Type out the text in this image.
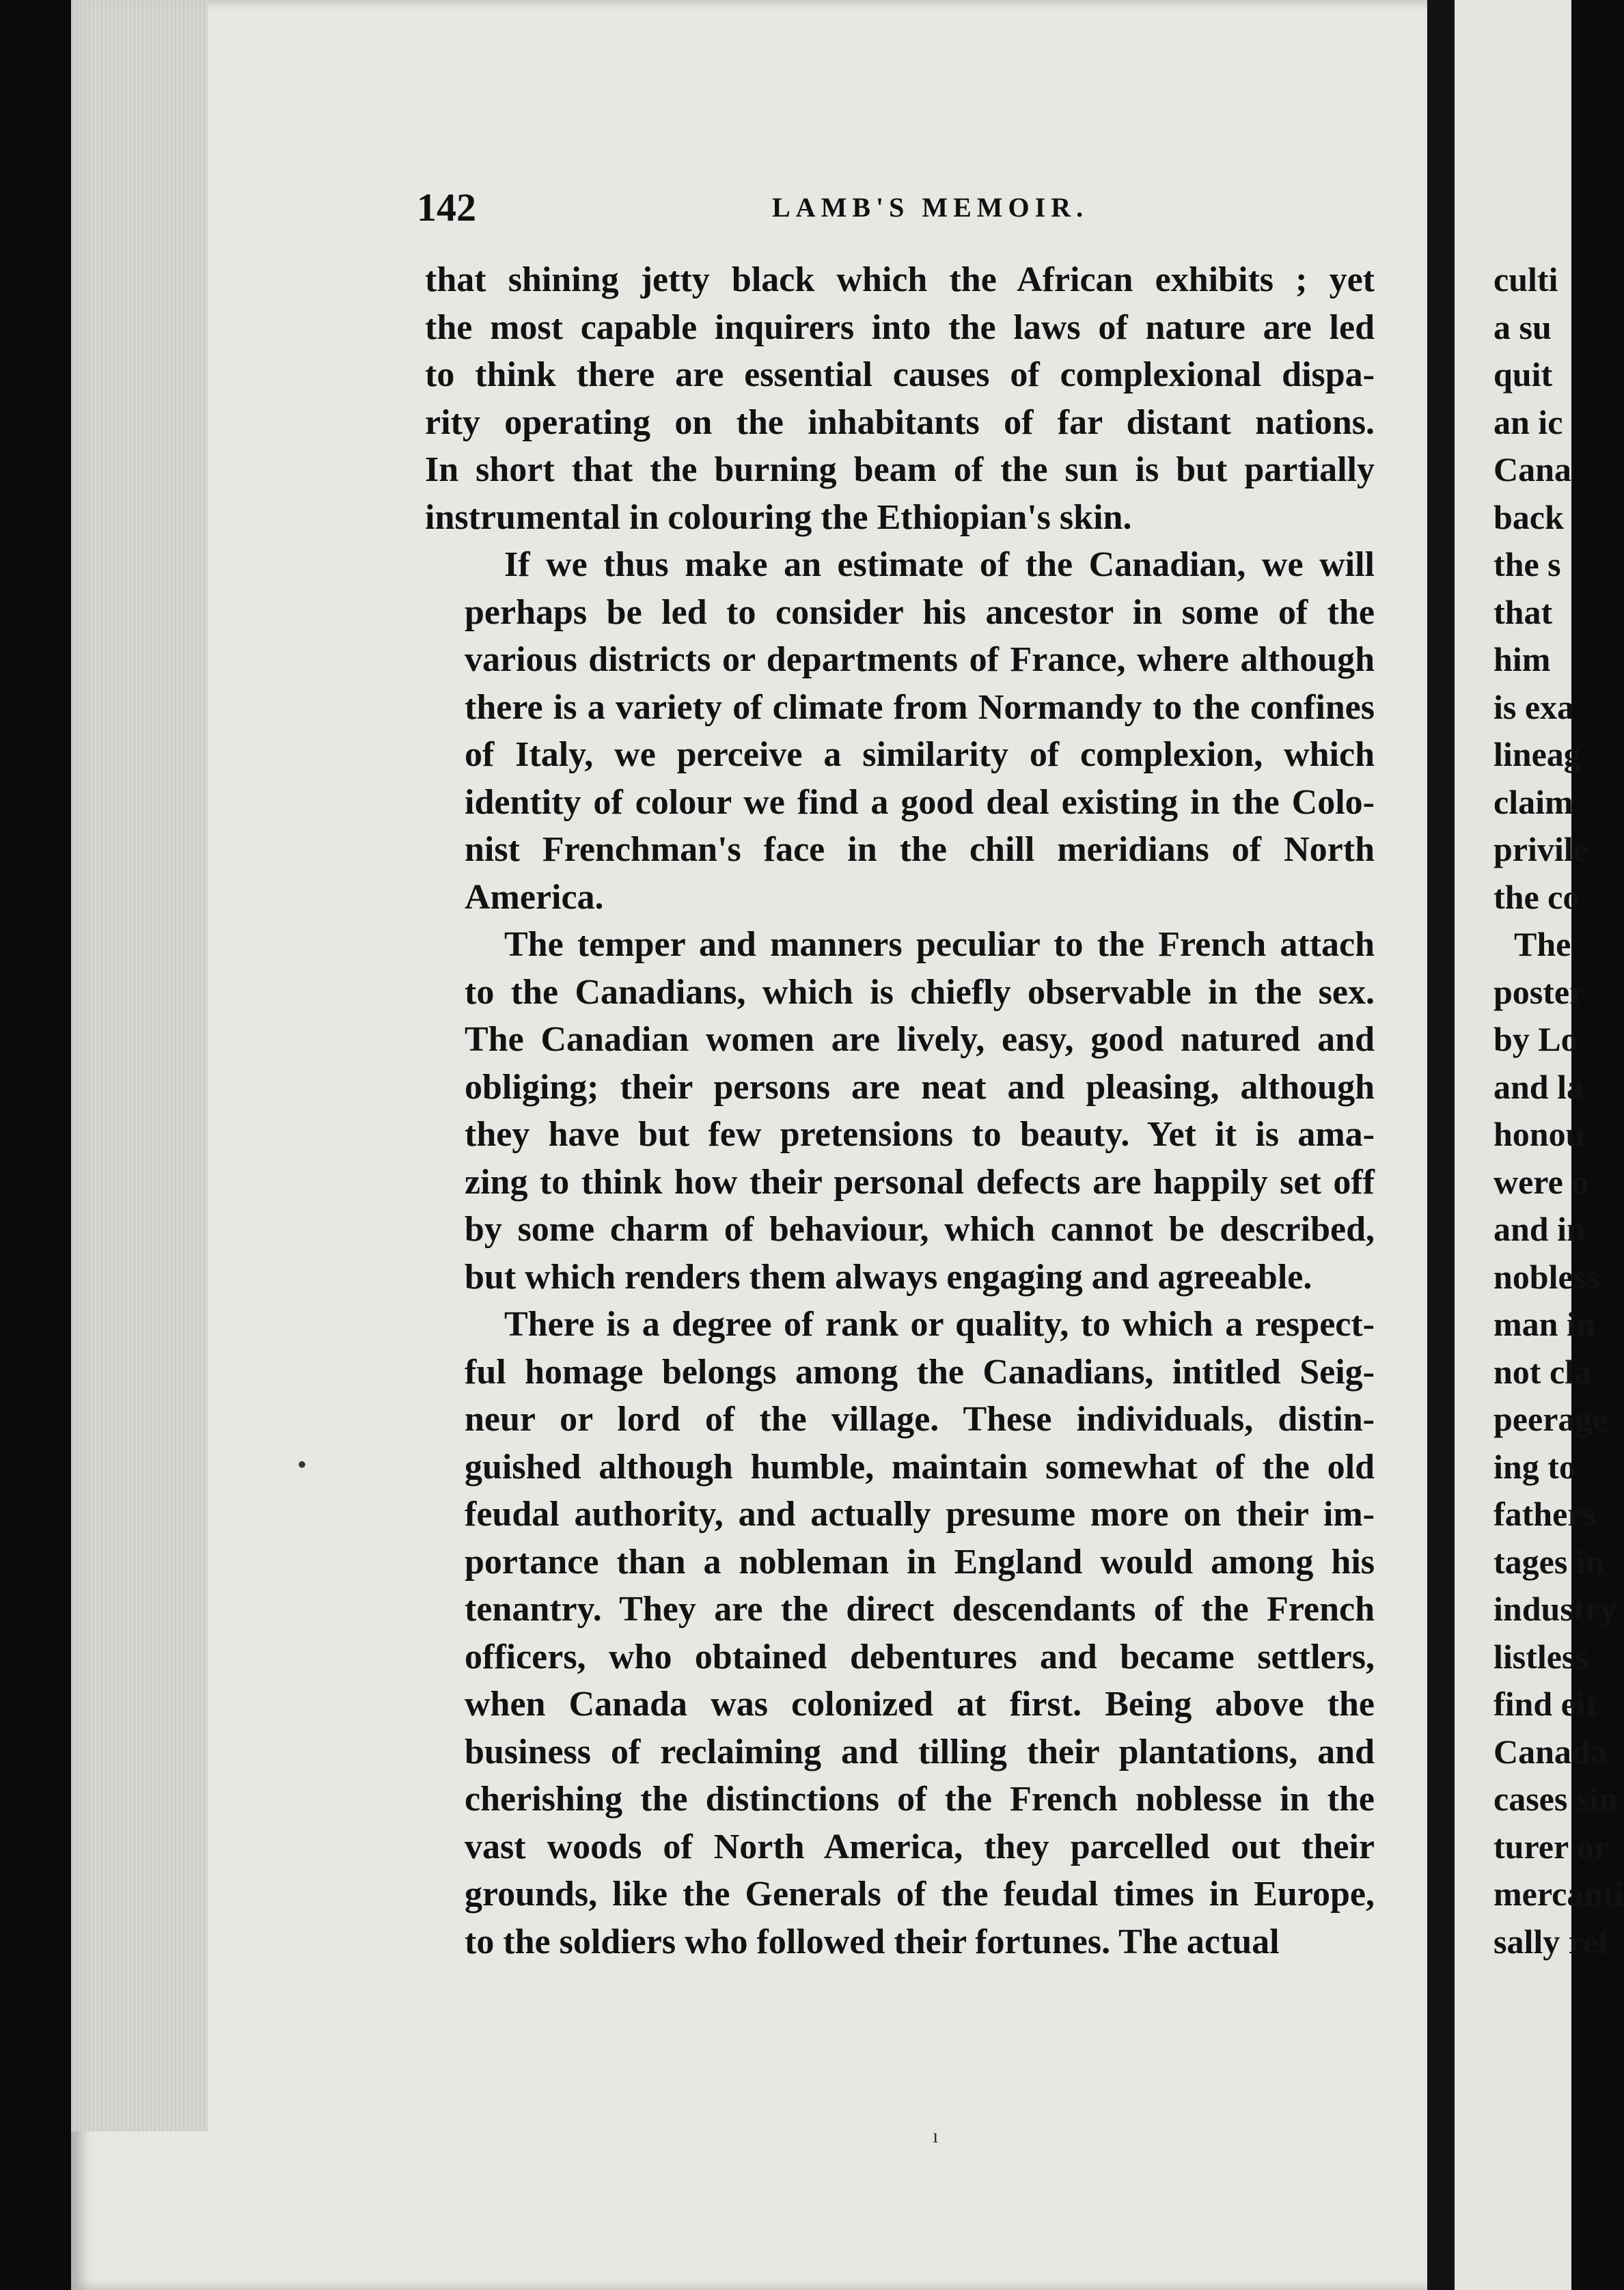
142	LAMB'S MEMOIR.
that shining jetty black which the African exhibits ; yet
the most capable inquirers into the laws of nature are led
to think there are essential causes of complexional dispa-
rity operating on the inhabitants of far distant nations.
In short that the burning beam of the sun is but partially
instrumental in colouring the Ethiopian's skin.
If we thus make an estimate of the Canadian, we will
perhaps be led to consider his ancestor in some of the
various districts or departments of France, where although
there is a variety of climate from Normandy to the confines
of Italy, we perceive a similarity of complexion, which
identity of colour we find a good deal existing in the Colo-
nist Frenchman's face in the chill meridians of North
America.
The temper and manners peculiar to the French attach
to the Canadians, which is chiefly observable in the sex.
The Canadian women are lively, easy, good natured and
obliging; their persons are neat and pleasing, although
they have but few pretensions to beauty. Yet it is ama-
zing to think how their personal defects are happily set off
by some charm of behaviour, which cannot be described,
but which renders them always engaging and agreeable.
There is a degree of rank or quality, to which a respect-
ful homage belongs among the Canadians, intitled Seig-
neur or lord of the village. These individuals, distin-
guished although humble, maintain somewhat of the old
feudal authority, and actually presume more on their im-
portance than a nobleman in England would among his
tenantry. They are the direct descendants of the French
officers, who obtained debentures and became settlers,
when Canada was colonized at first. Being above the
business of reclaiming and tilling their plantations, and
cherishing the distinctions of the French noblesse in the
vast woods of North America, they parcelled out their
grounds, like the Generals of the feudal times in Europe,
to the soldiers who followed their fortunes. The actual
culti
a su
quit
an ic
Cana
back
the s
that
him
is exa
lineag
claim
privile
the co
The
poster
by Lo
and la
honou
were o
and in
nobless
man in
not cla
peerage
ing to
fathers
tages in
industry
listless
find eit
Canada
cases sin
turer or
mercanti
sally ref
•
ı
